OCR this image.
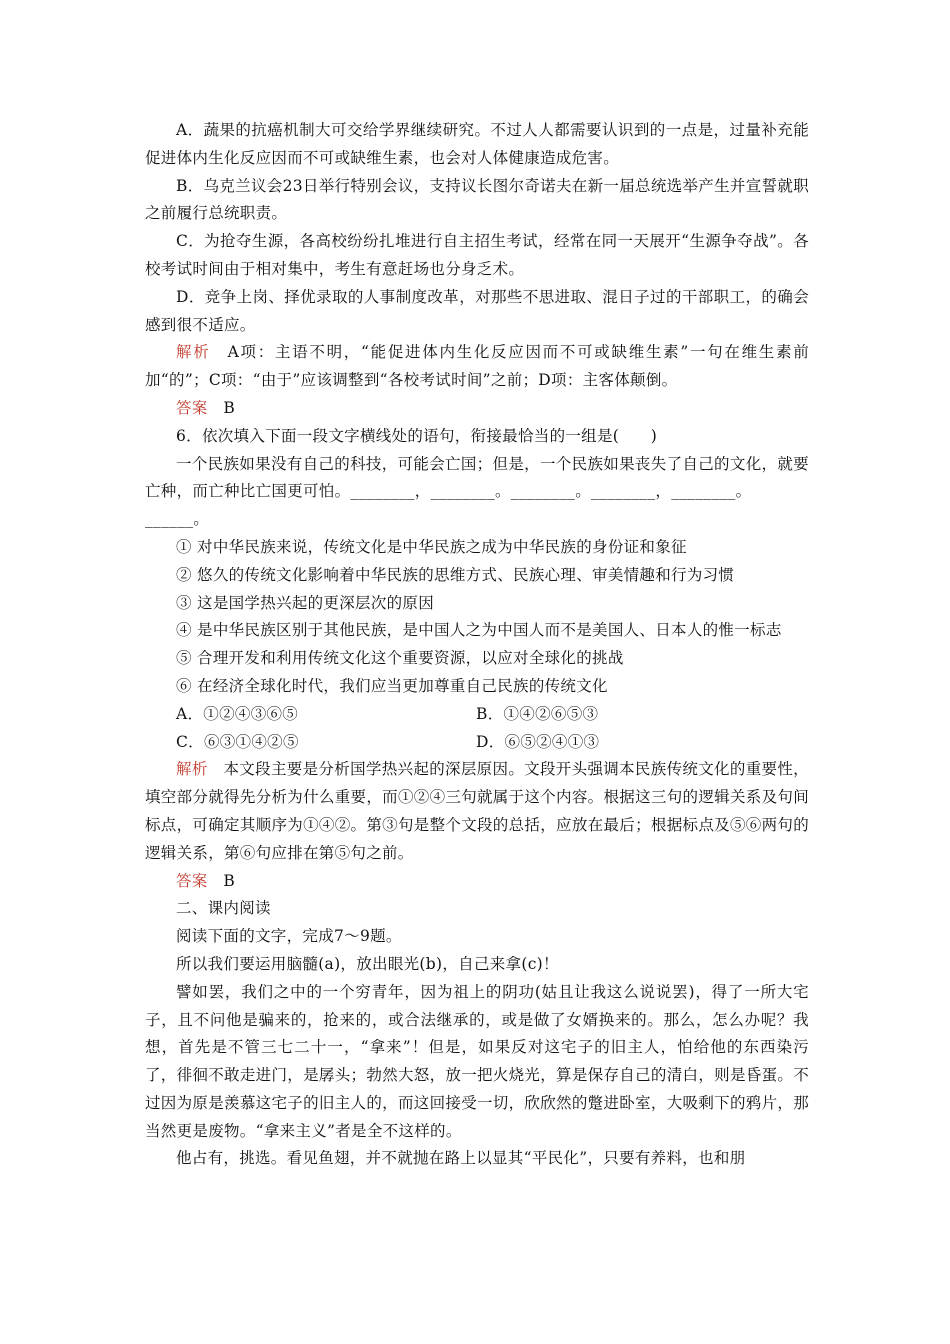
A．蔬果的抗癌机制大可交给学界继续研究。不过人人都需要认识到的一点是，过量补充能促进体内生化反应因而不可或缺维生素，也会对人体健康造成危害。

B．乌克兰议会23日举行特别会议，支持议长图尔奇诺夫在新一届总统选举产生并宣誓就职之前履行总统职责。

C．为抢夺生源，各高校纷纷扎堆进行自主招生考试，经常在同一天展开“生源争夺战”。各校考试时间由于相对集中，考生有意赶场也分身乏术。

D．竞争上岗、择优录取的人事制度改革，对那些不思进取、混日子过的干部职工，的确会感到很不适应。

解析　 A项：主语不明，“能促进体内生化反应因而不可或缺维生素”一句在维生素前加“的”；C项：“由于”应该调整到“各校考试时间”之前；D项：主客体颠倒。

答案　 B

6．依次填入下面一段文字横线处的语句，衔接最恰当的一组是(　　)

一个民族如果没有自己的科技，可能会亡国；但是，一个民族如果丧失了自己的文化，就要亡种，而亡种比亡国更可怕。________，________。________。________，________。

______。

① 对中华民族来说，传统文化是中华民族之成为中华民族的身份证和象征

② 悠久的传统文化影响着中华民族的思维方式、民族心理、审美情趣和行为习惯

③ 这是国学热兴起的更深层次的原因

④ 是中华民族区别于其他民族，是中国人之为中国人而不是美国人、日本人的惟一标志

⑤ 合理开发和利用传统文化这个重要资源，以应对全球化的挑战

⑥ 在经济全球化时代，我们应当更加尊重自己民族的传统文化

A．①②④③⑥⑤	B．①④②⑥⑤③
C．⑥③①④②⑤	D．⑥⑤②④①③

解析　 本文段主要是分析国学热兴起的深层原因。文段开头强调本民族传统文化的重要性，填空部分就得先分析为什么重要，而①②④三句就属于这个内容。根据这三句的逻辑关系及句间标点，可确定其顺序为①④②。第③句是整个文段的总括，应放在最后；根据标点及⑤⑥两句的逻辑关系，第⑥句应排在第⑤句之前。

答案　 B

二、课内阅读

阅读下面的文字，完成7～9题。

所以我们要运用脑髓(a)，放出眼光(b)，自己来拿(c)！

譬如罢，我们之中的一个穷青年，因为祖上的阴功(姑且让我这么说说罢)，得了一所大宅子，且不问他是骗来的，抢来的，或合法继承的，或是做了女婿换来的。那么，怎么办呢？我想，首先是不管三七二十一，“拿来”！但是，如果反对这宅子的旧主人，怕给他的东西染污了，徘徊不敢走进门，是孱头；勃然大怒，放一把火烧光，算是保存自己的清白，则是昏蛋。不过因为原是羡慕这宅子的旧主人的，而这回接受一切，欣欣然的蹩进卧室，大吸剩下的鸦片，那当然更是废物。“拿来主义”者是全不这样的。

他占有，挑选。看见鱼翅，并不就抛在路上以显其“平民化”，只要有养料，也和朋
